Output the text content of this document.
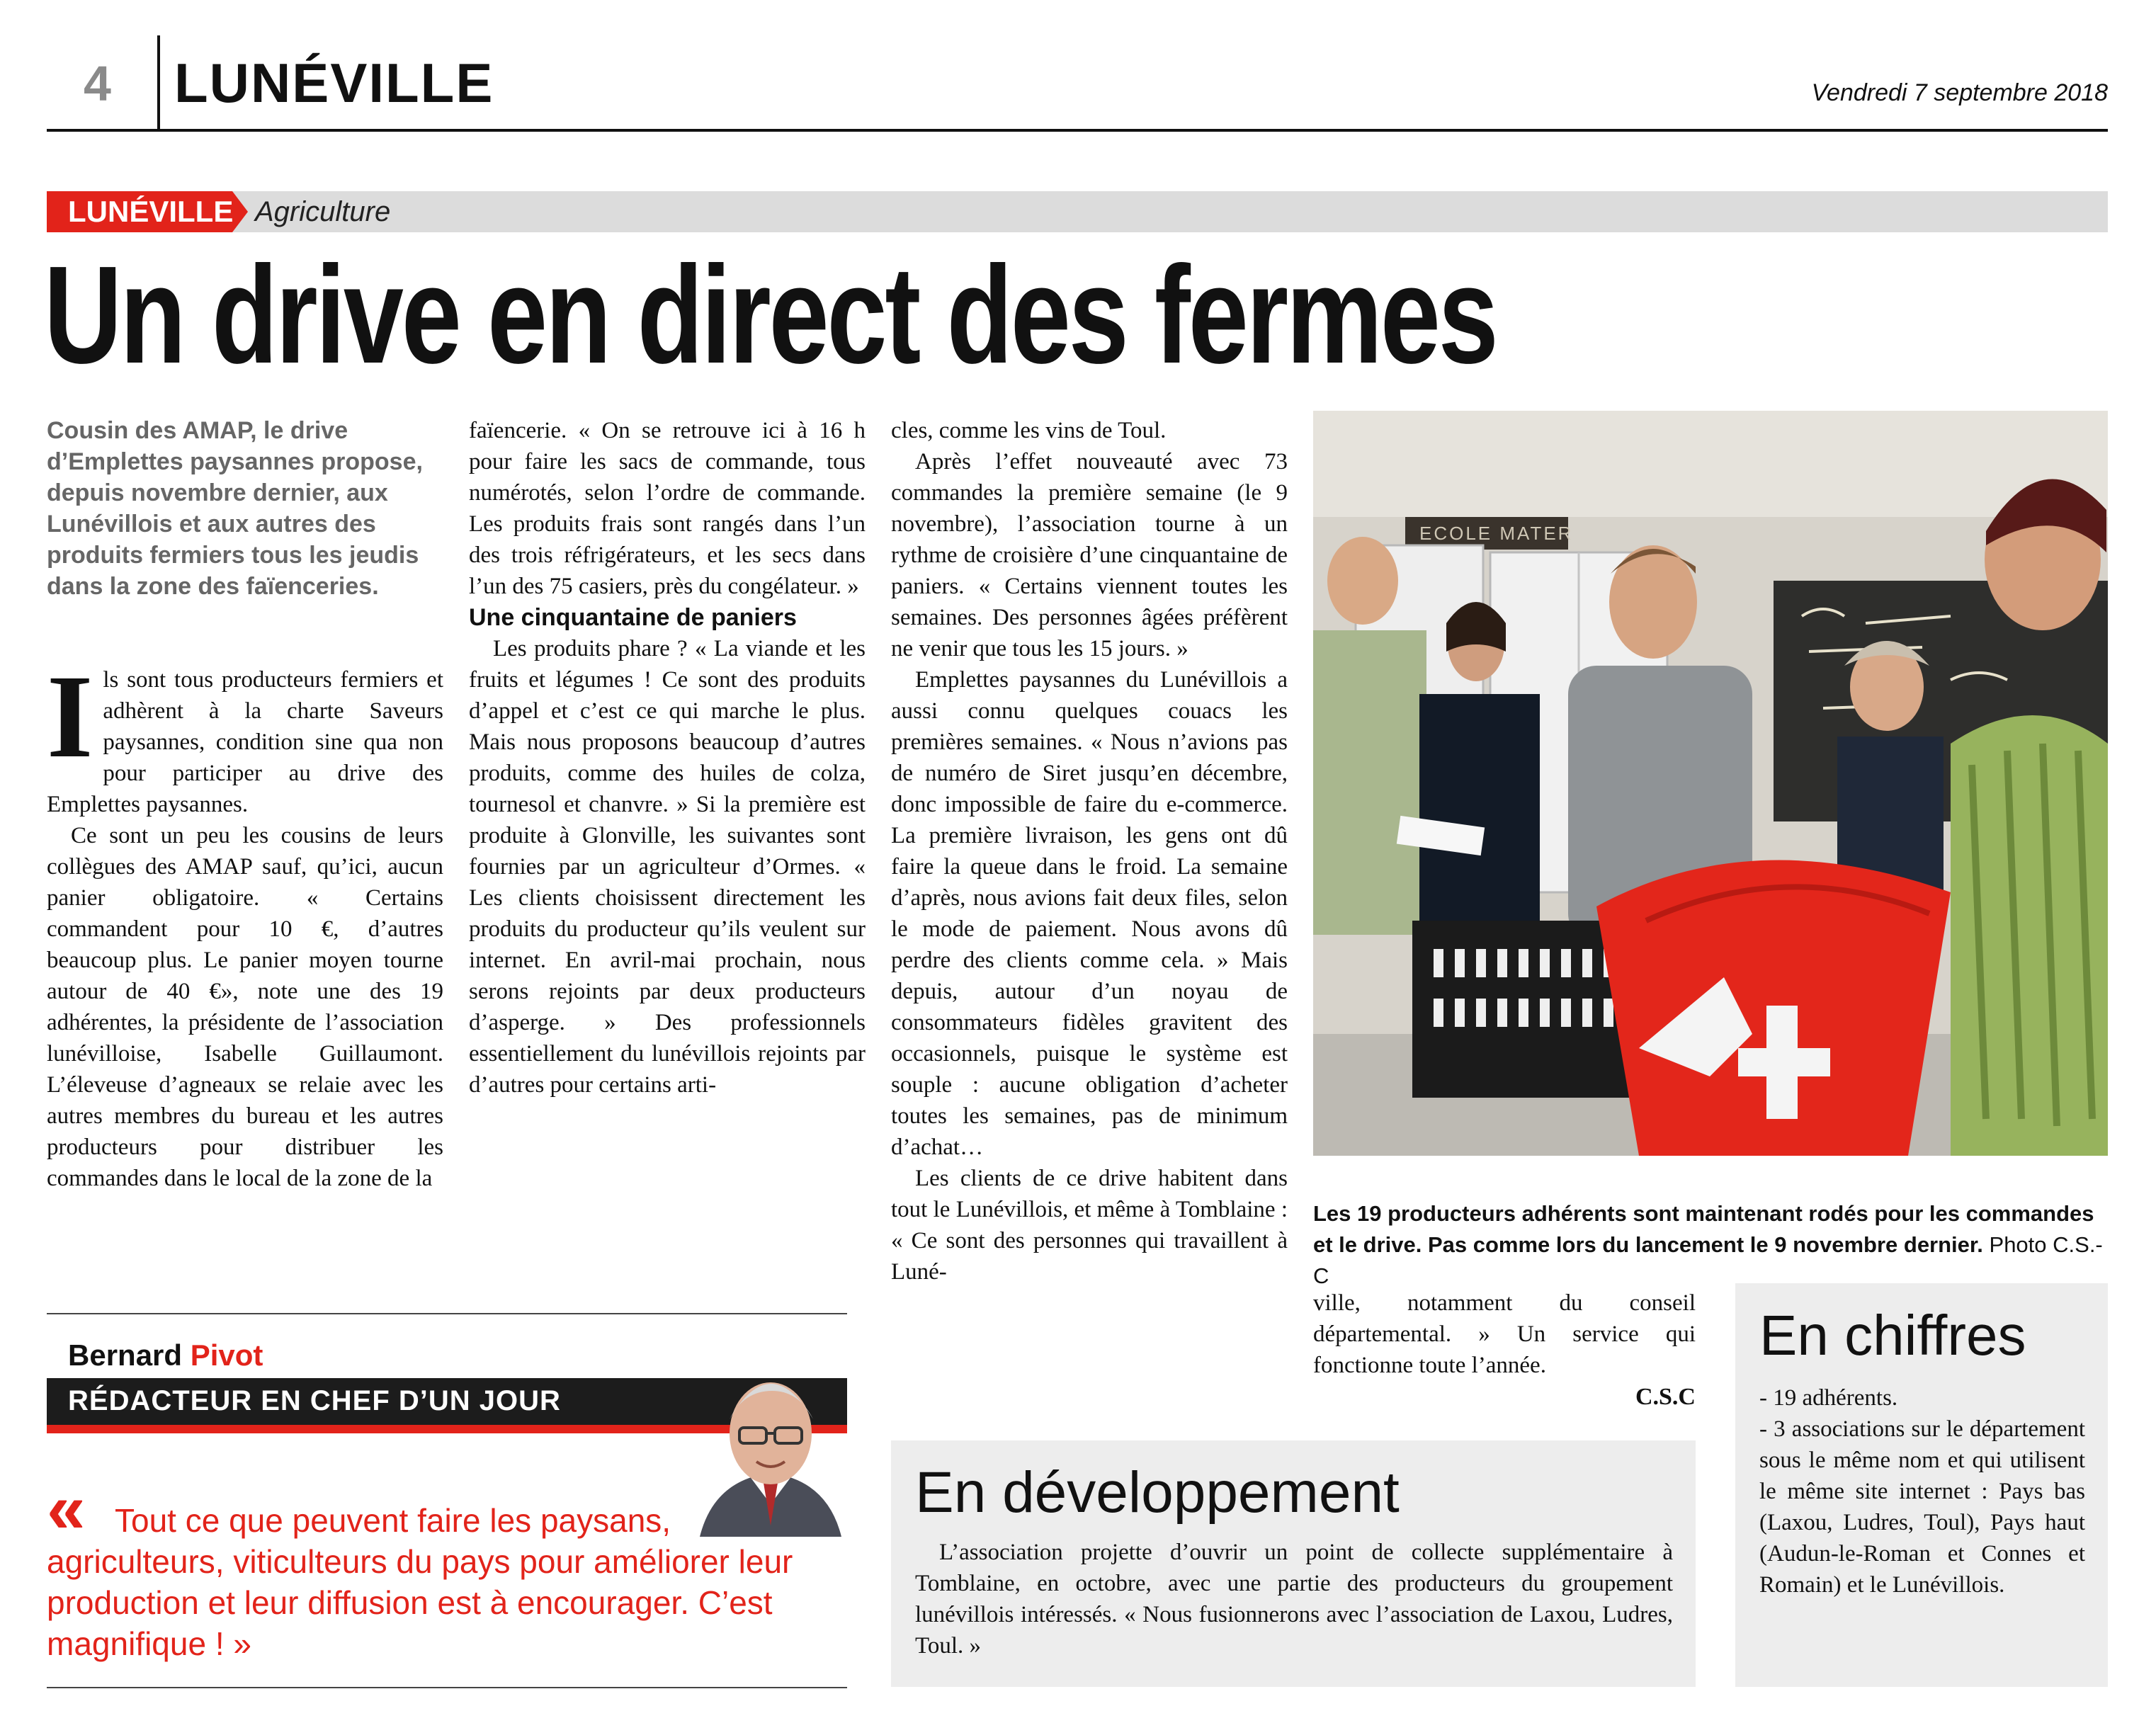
4 LUNÉVILLE	Vendredi 7 septembre 2018
LUNÉVILLE Agriculture
Un drive en direct des fermes
Cousin des AMAP, le drive d’Emplettes paysannes propose, depuis novembre dernier, aux Lunévillois et aux autres des produits fermiers tous les jeudis dans la zone des faïenceries.

Ils sont tous producteurs fermiers et adhèrent à la charte Saveurs paysannes, condition sine qua non pour participer au drive des Emplettes paysannes.

Ce sont un peu les cousins de leurs collègues des AMAP sauf, qu’ici, aucun panier obligatoire. « Certains commandent pour 10 €, d’autres beaucoup plus. Le panier moyen tourne autour de 40 €», note une des 19 adhérentes, la présidente de l’association lunévilloise, Isabelle Guillaumont. L’éleveuse d’agneaux se relaie avec les autres membres du bureau et les autres producteurs pour distribuer les commandes dans le local de la zone de la

faïencerie. « On se retrouve ici à 16 h pour faire les sacs de commande, tous numérotés, selon l’ordre de commande. Les produits frais sont rangés dans l’un des trois réfrigérateurs, et les secs dans l’un des 75 casiers, près du congélateur. »

Une cinquantaine de paniers

Les produits phare ? « La viande et les fruits et légumes ! Ce sont des produits d’appel et c’est ce qui marche le plus. Mais nous proposons beaucoup d’autres produits, comme des huiles de colza, tournesol et chanvre. » Si la première est produite à Glonville, les suivantes sont fournies par un agriculteur d’Ormes. « Les clients choisissent directement les produits du producteur qu’ils veulent sur internet. En avril-mai prochain, nous serons rejoints par deux producteurs d’asperge. » Des professionnels essentiellement du lunévillois rejoints par d’autres pour certains arti-

cles, comme les vins de Toul.

Après l’effet nouveauté avec 73 commandes la première semaine (le 9 novembre), l’association tourne à un rythme de croisière d’une cinquantaine de paniers. « Certains viennent toutes les semaines. Des personnes âgées préfèrent ne venir que tous les 15 jours. »

Emplettes paysannes du Lunévillois a aussi connu quelques couacs les premières semaines. « Nous n’avions pas de numéro de Siret jusqu’en décembre, donc impossible de faire du e-commerce. La première livraison, les gens ont dû faire la queue dans le froid. La semaine d’après, nous avions fait deux files, selon le mode de paiement. Nous avons dû perdre des clients comme cela. » Mais depuis, autour d’un noyau de consommateurs fidèles gravitent des occasionnels, puisque le système est souple : aucune obligation d’acheter toutes les semaines, pas de minimum d’achat…

Les clients de ce drive habitent dans tout le Lunévillois, et même à Tomblaine : « Ce sont des personnes qui travaillent à Luné-

ville, notamment du conseil départemental. » Un service qui fonctionne toute l’année.

C.S.C
ECOLE MATER
Les 19 producteurs adhérents sont maintenant rodés pour les commandes et le drive. Pas comme lors du lancement le 9 novembre dernier. Photo C.S.-C
Bernard Pivot
RÉDACTEUR EN CHEF D’UN JOUR
« Tout ce que peuvent faire les paysans, agriculteurs, viticulteurs du pays pour améliorer leur production et leur diffusion est à encourager. C’est magnifique ! »
En développement
L’association projette d’ouvrir un point de collecte supplémentaire à Tomblaine, en octobre, avec une partie des producteurs du groupement lunévillois intéressés. « Nous fusionnerons avec l’association de Laxou, Ludres, Toul. »
En chiffres
- 19 adhérents.
- 3 associations sur le département sous le même nom et qui utilisent le même site internet : Pays bas (Laxou, Ludres, Toul), Pays haut (Audun-le-Roman et Connes et Romain) et le Lunévillois.
